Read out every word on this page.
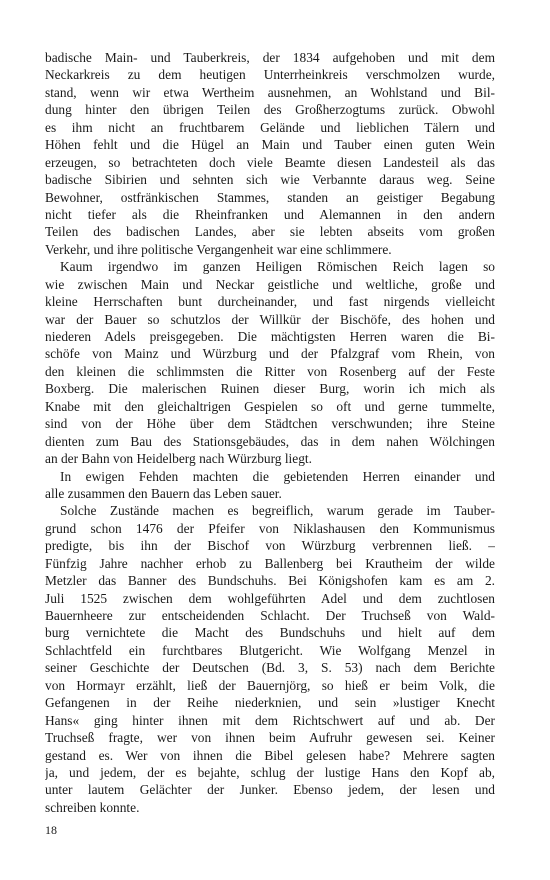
badische Main- und Tauberkreis, der 1834 aufgehoben und mit dem
Neckarkreis zu dem heutigen Unterrheinkreis verschmolzen wurde,
stand, wenn wir etwa Wertheim ausnehmen, an Wohlstand und Bil-
dung hinter den übrigen Teilen des Großherzogtums zurück. Obwohl
es ihm nicht an fruchtbarem Gelände und lieblichen Tälern und
Höhen fehlt und die Hügel an Main und Tauber einen guten Wein
erzeugen, so betrachteten doch viele Beamte diesen Landesteil als das
badische Sibirien und sehnten sich wie Verbannte daraus weg. Seine
Bewohner, ostfränkischen Stammes, standen an geistiger Begabung
nicht tiefer als die Rheinfranken und Alemannen in den andern
Teilen des badischen Landes, aber sie lebten abseits vom großen
Verkehr, und ihre politische Vergangenheit war eine schlimmere.
Kaum irgendwo im ganzen Heiligen Römischen Reich lagen so
wie zwischen Main und Neckar geistliche und weltliche, große und
kleine Herrschaften bunt durcheinander, und fast nirgends vielleicht
war der Bauer so schutzlos der Willkür der Bischöfe, des hohen und
niederen Adels preisgegeben. Die mächtigsten Herren waren die Bi-
schöfe von Mainz und Würzburg und der Pfalzgraf vom Rhein, von
den kleinen die schlimmsten die Ritter von Rosenberg auf der Feste
Boxberg. Die malerischen Ruinen dieser Burg, worin ich mich als
Knabe mit den gleichaltrigen Gespielen so oft und gerne tummelte,
sind von der Höhe über dem Städtchen verschwunden; ihre Steine
dienten zum Bau des Stationsgebäudes, das in dem nahen Wölchingen
an der Bahn von Heidelberg nach Würzburg liegt.
In ewigen Fehden machten die gebietenden Herren einander und
alle zusammen den Bauern das Leben sauer.
Solche Zustände machen es begreiflich, warum gerade im Tauber-
grund schon 1476 der Pfeifer von Niklashausen den Kommunismus
predigte, bis ihn der Bischof von Würzburg verbrennen ließ. –
Fünfzig Jahre nachher erhob zu Ballenberg bei Krautheim der wilde
Metzler das Banner des Bundschuhs. Bei Königshofen kam es am 2.
Juli 1525 zwischen dem wohlgeführten Adel und dem zuchtlosen
Bauernheere zur entscheidenden Schlacht. Der Truchseß von Wald-
burg vernichtete die Macht des Bundschuhs und hielt auf dem
Schlachtfeld ein furchtbares Blutgericht. Wie Wolfgang Menzel in
seiner Geschichte der Deutschen (Bd. 3, S. 53) nach dem Berichte
von Hormayr erzählt, ließ der Bauernjörg, so hieß er beim Volk, die
Gefangenen in der Reihe niederknien, und sein »lustiger Knecht
Hans« ging hinter ihnen mit dem Richtschwert auf und ab. Der
Truchseß fragte, wer von ihnen beim Aufruhr gewesen sei. Keiner
gestand es. Wer von ihnen die Bibel gelesen habe? Mehrere sagten
ja, und jedem, der es bejahte, schlug der lustige Hans den Kopf ab,
unter lautem Gelächter der Junker. Ebenso jedem, der lesen und
schreiben konnte.
18
